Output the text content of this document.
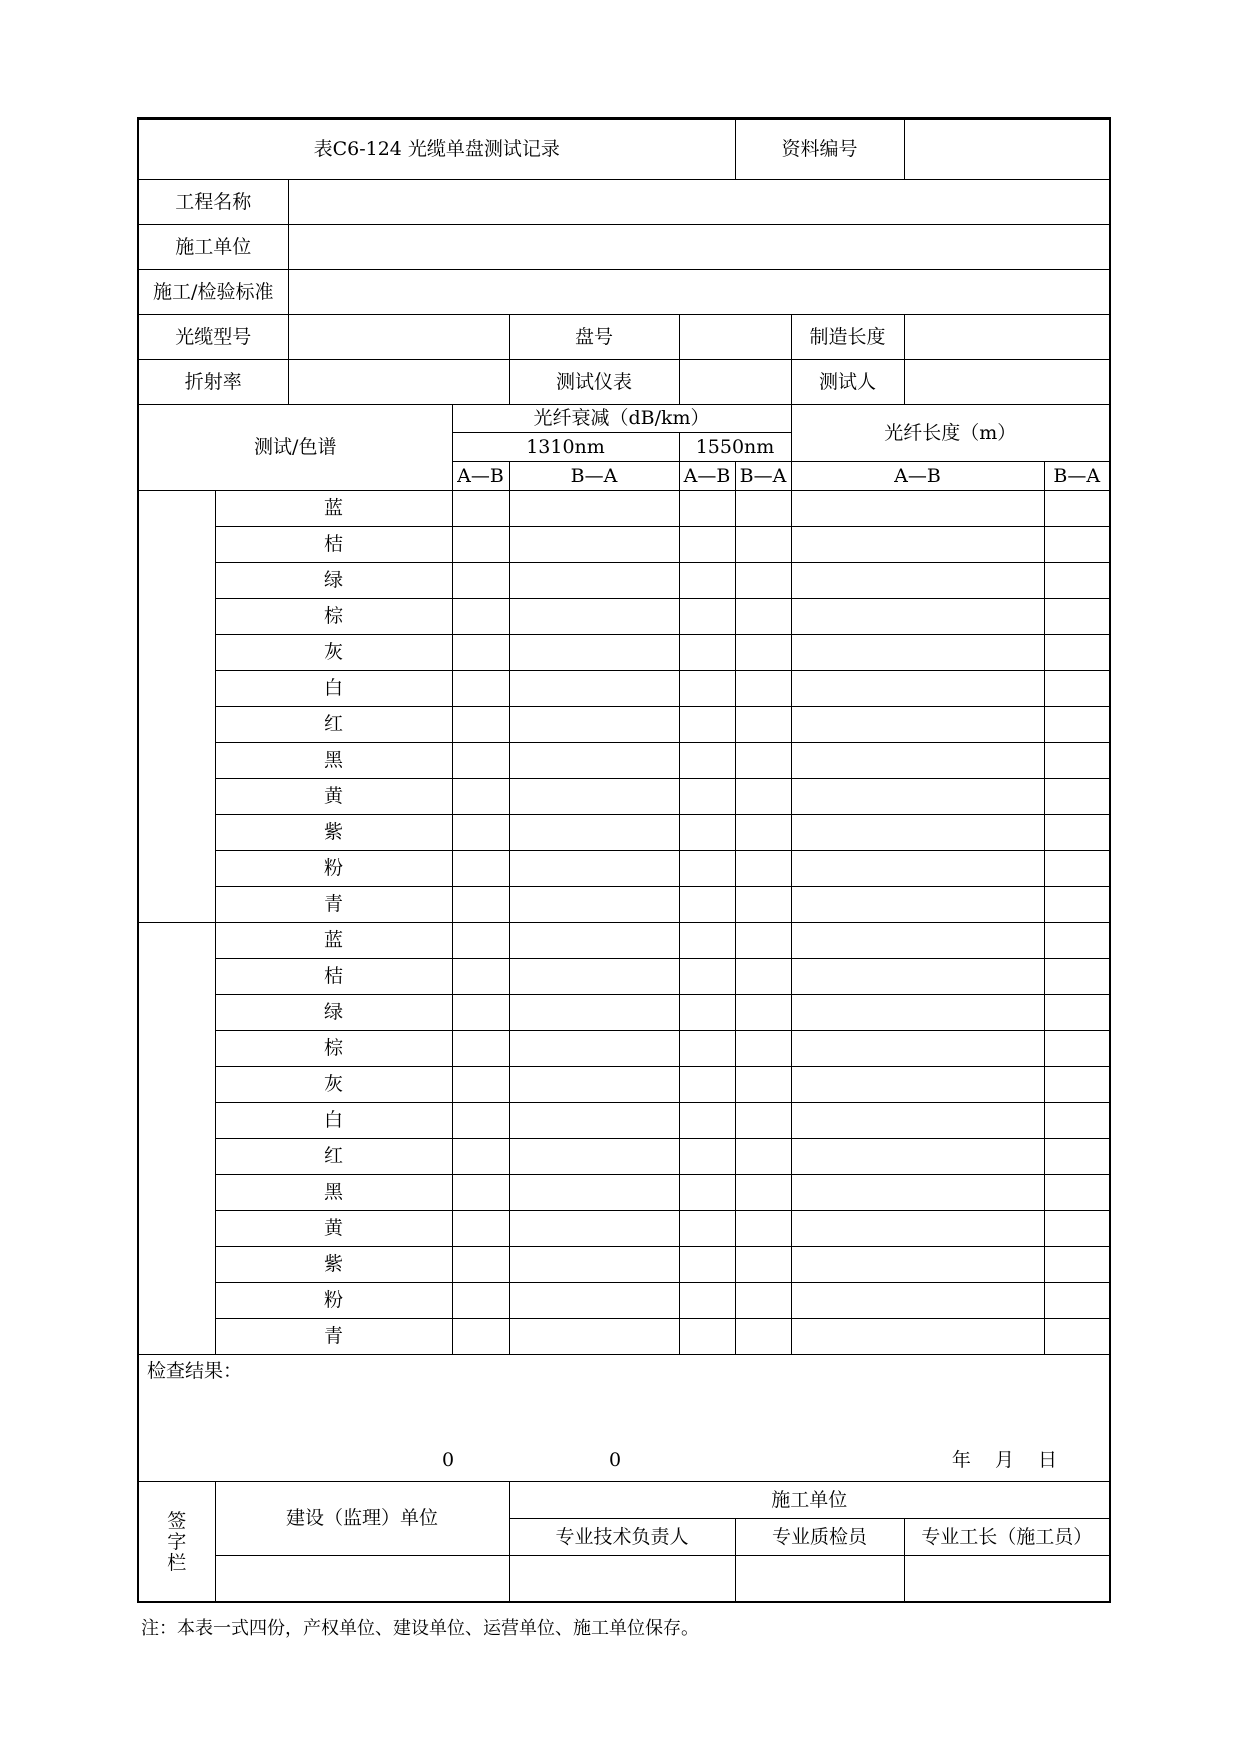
表C6-124 光缆单盘测试记录						资料编号			
工程名称									
施工单位									
施工/检验标准									
光缆型号				盘号			制造长度		
折射率				测试仪表			测试人		
测试/色谱			光纤衰减（dB/km）				光纤长度（m）		
			1310nm		1550nm				
			A—B	B—A	A—B	B—A	A—B		B—A
	蓝								
	桔								
	绿								
	棕								
	灰								
	白								
	红								
	黑								
	黄								
	紫								
	粉								
	青								
	蓝								
	桔								
	绿								
	棕								
	灰								
	白								
	红								
	黑								
	黄								
	紫								
	粉								
	青								

检查结果：
0 0 年 月 日									

签
字
栏	建设（监理）单位			施工单位					
				专业技术负责人		专业质检员		专业工长（施工员）	

注：本表一式四份，产权单位、建设单位、运营单位、施工单位保存。
